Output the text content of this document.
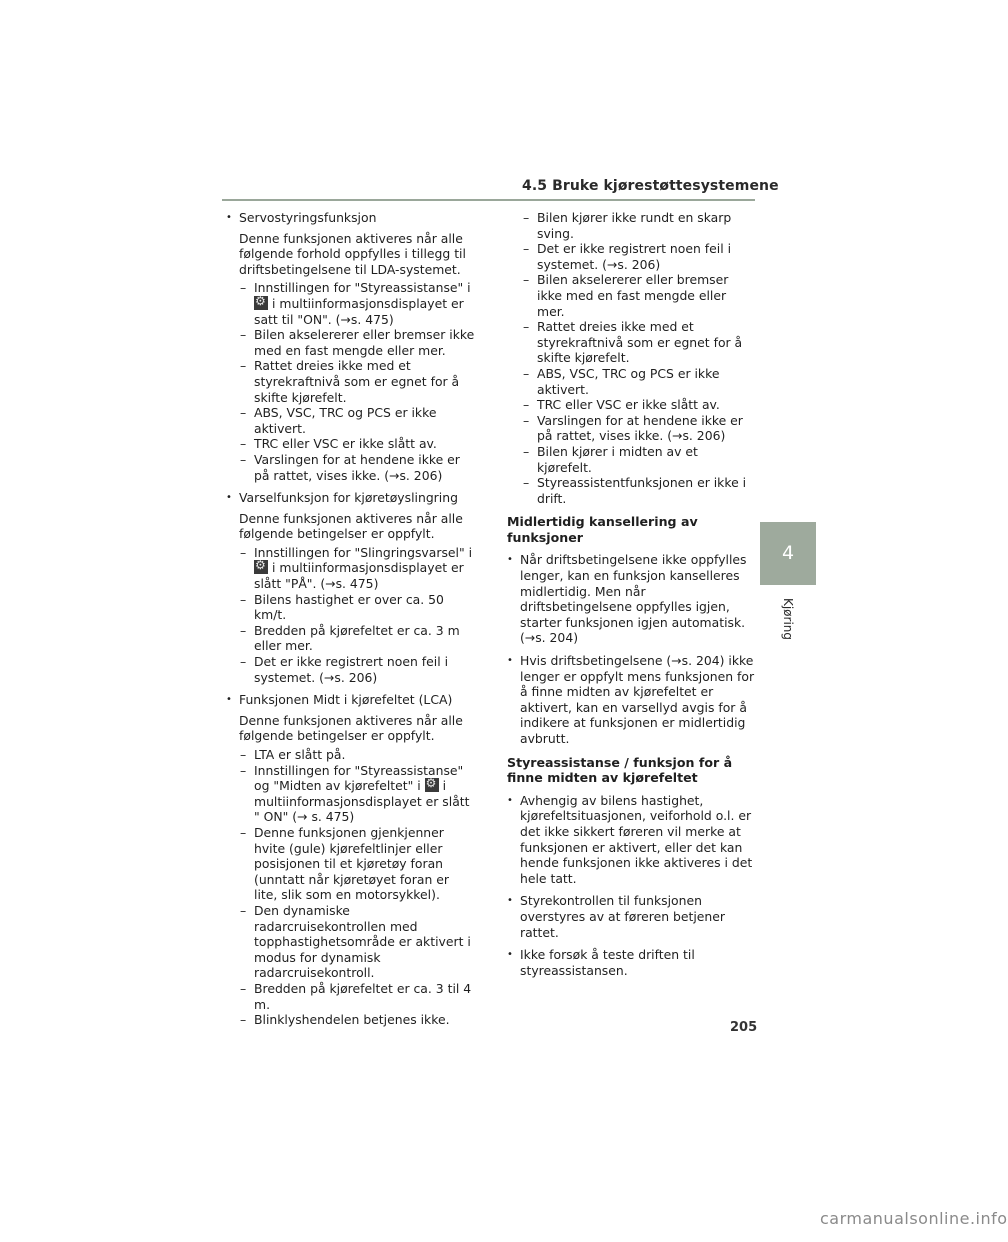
4.5 Bruke kjørestøttesystemene
4
Kjøring
• Servostyringsfunksjon
Denne funksjonen aktiveres når alle følgende forhold oppfylles i tillegg til driftsbetingelsene til LDA-systemet.
– Innstillingen for "Styreassistanse" i
⚙i multiinformasjonsdisplayet er satt til "ON". (→s. 475)
– Bilen akselererer eller bremser ikke med en fast mengde eller mer.
– Rattet dreies ikke med et styrekraftnivå som er egnet for å skifte kjørefelt.
– ABS, VSC, TRC og PCS er ikke aktivert.
– TRC eller VSC er ikke slått av.
– Varslingen for at hendene ikke er på rattet, vises ikke. (→s. 206)
• Varselfunksjon for kjøretøyslingring
Denne funksjonen aktiveres når alle følgende betingelser er oppfylt.
– Innstillingen for "Slingringsvarsel" i
⚙i multiinformasjonsdisplayet er slått "PÅ". (→s. 475)
– Bilens hastighet er over ca. 50 km/t.
– Bredden på kjørefeltet er ca. 3 m eller mer.
– Det er ikke registrert noen feil i systemet. (→s. 206)
• Funksjonen Midt i kjørefeltet (LCA)
Denne funksjonen aktiveres når alle følgende betingelser er oppfylt.
– LTA er slått på.
– Innstillingen for "Styreassistanse" og "Midten av kjørefeltet" i ⚙ i multiinformasjonsdisplayet er slått " ON" (→ s. 475)
– Denne funksjonen gjenkjenner hvite (gule) kjørefeltlinjer eller posisjonen til et kjøretøy foran (unntatt når kjøretøyet foran er lite, slik som en motorsykkel).
– Den dynamiske radarcruisekontrollen med topphastighetsområde er aktivert i modus for dynamisk radarcruisekontroll.
– Bredden på kjørefeltet er ca. 3 til 4 m.
– Blinklyshendelen betjenes ikke.
– Bilen kjører ikke rundt en skarp sving.
– Det er ikke registrert noen feil i systemet. (→s. 206)
– Bilen akselererer eller bremser ikke med en fast mengde eller mer.
– Rattet dreies ikke med et styrekraftnivå som er egnet for å skifte kjørefelt.
– ABS, VSC, TRC og PCS er ikke aktivert.
– TRC eller VSC er ikke slått av.
– Varslingen for at hendene ikke er på rattet, vises ikke. (→s. 206)
– Bilen kjører i midten av et kjørefelt.
– Styreassistentfunksjonen er ikke i drift.
Midlertidig kansellering av funksjoner
• Når driftsbetingelsene ikke oppfylles lenger, kan en funksjon kanselleres midlertidig. Men når driftsbetingelsene oppfylles igjen, starter funksjonen igjen automatisk. (→s. 204)
• Hvis driftsbetingelsene (→s. 204) ikke lenger er oppfylt mens funksjonen for å finne midten av kjørefeltet er aktivert, kan en varsellyd avgis for å indikere at funksjonen er midlertidig avbrutt.
Styreassistanse / funksjon for å finne midten av kjørefeltet
• Avhengig av bilens hastighet, kjørefeltsituasjonen, veiforhold o.l. er det ikke sikkert føreren vil merke at funksjonen er aktivert, eller det kan hende funksjonen ikke aktiveres i det hele tatt.
• Styrekontrollen til funksjonen overstyres av at føreren betjener rattet.
• Ikke forsøk å teste driften til styreassistansen.
205
carmanualsonline.info
